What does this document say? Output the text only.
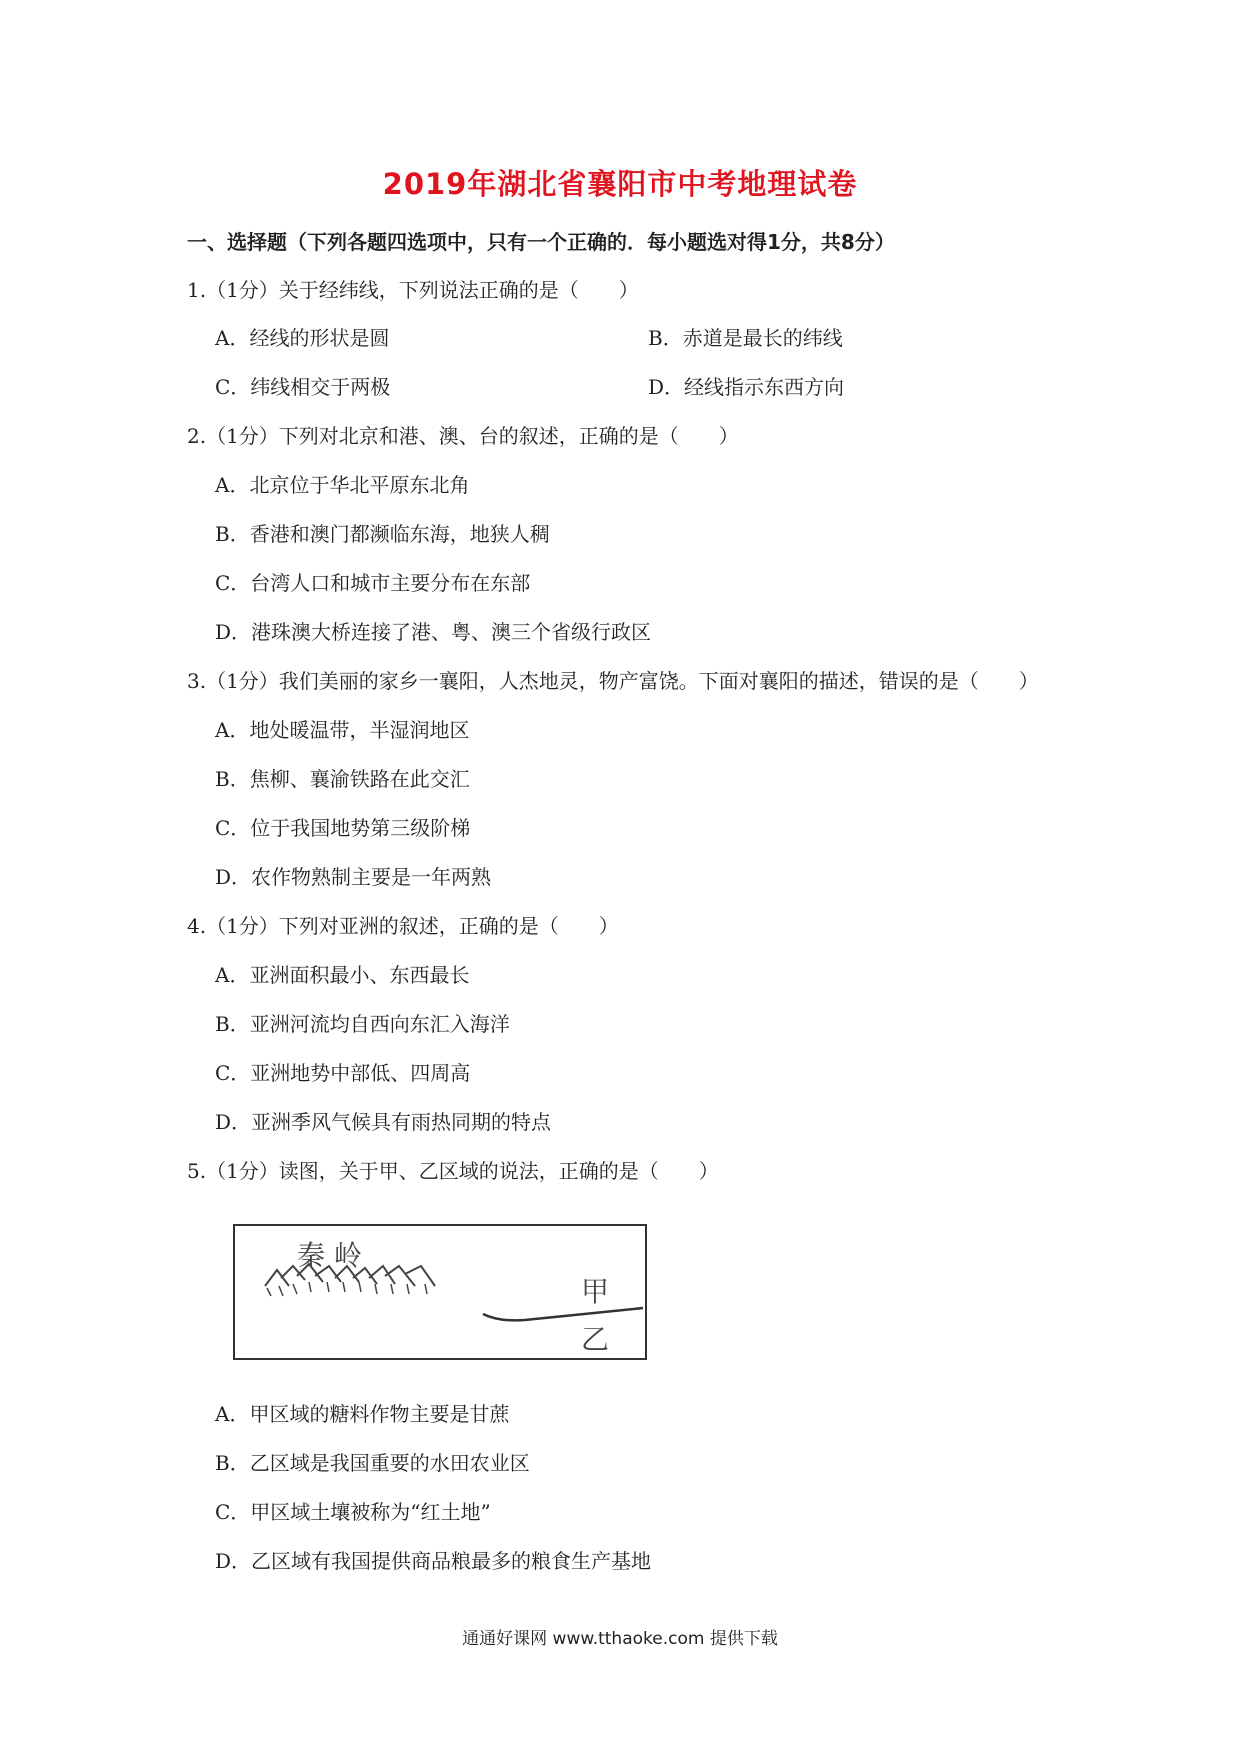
2019年湖北省襄阳市中考地理试卷
一、选择题（下列各题四选项中，只有一个正确的．每小题选对得1分，共8分）
1.（1分）关于经纬线，下列说法正确的是（　　）
A．经线的形状是圆	B．赤道是最长的纬线
C．纬线相交于两极	D．经线指示东西方向
2.（1分）下列对北京和港、澳、台的叙述，正确的是（　　）
A．北京位于华北平原东北角
B．香港和澳门都濒临东海，地狭人稠
C．台湾人口和城市主要分布在东部
D．港珠澳大桥连接了港、粤、澳三个省级行政区
3.（1分）我们美丽的家乡一襄阳，人杰地灵，物产富饶。下面对襄阳的描述，错误的是（　　）
A．地处暖温带，半湿润地区
B．焦柳、襄渝铁路在此交汇
C．位于我国地势第三级阶梯
D．农作物熟制主要是一年两熟
4.（1分）下列对亚洲的叙述，正确的是（　　）
A．亚洲面积最小、东西最长
B．亚洲河流均自西向东汇入海洋
C．亚洲地势中部低、四周高
D．亚洲季风气候具有雨热同期的特点
5.（1分）读图，关于甲、乙区域的说法，正确的是（　　）
秦 岭
甲
乙
A．甲区域的糖料作物主要是甘蔗
B．乙区域是我国重要的水田农业区
C．甲区域土壤被称为“红土地”
D．乙区域有我国提供商品粮最多的粮食生产基地
通通好课网 www.tthaoke.com 提供下载
